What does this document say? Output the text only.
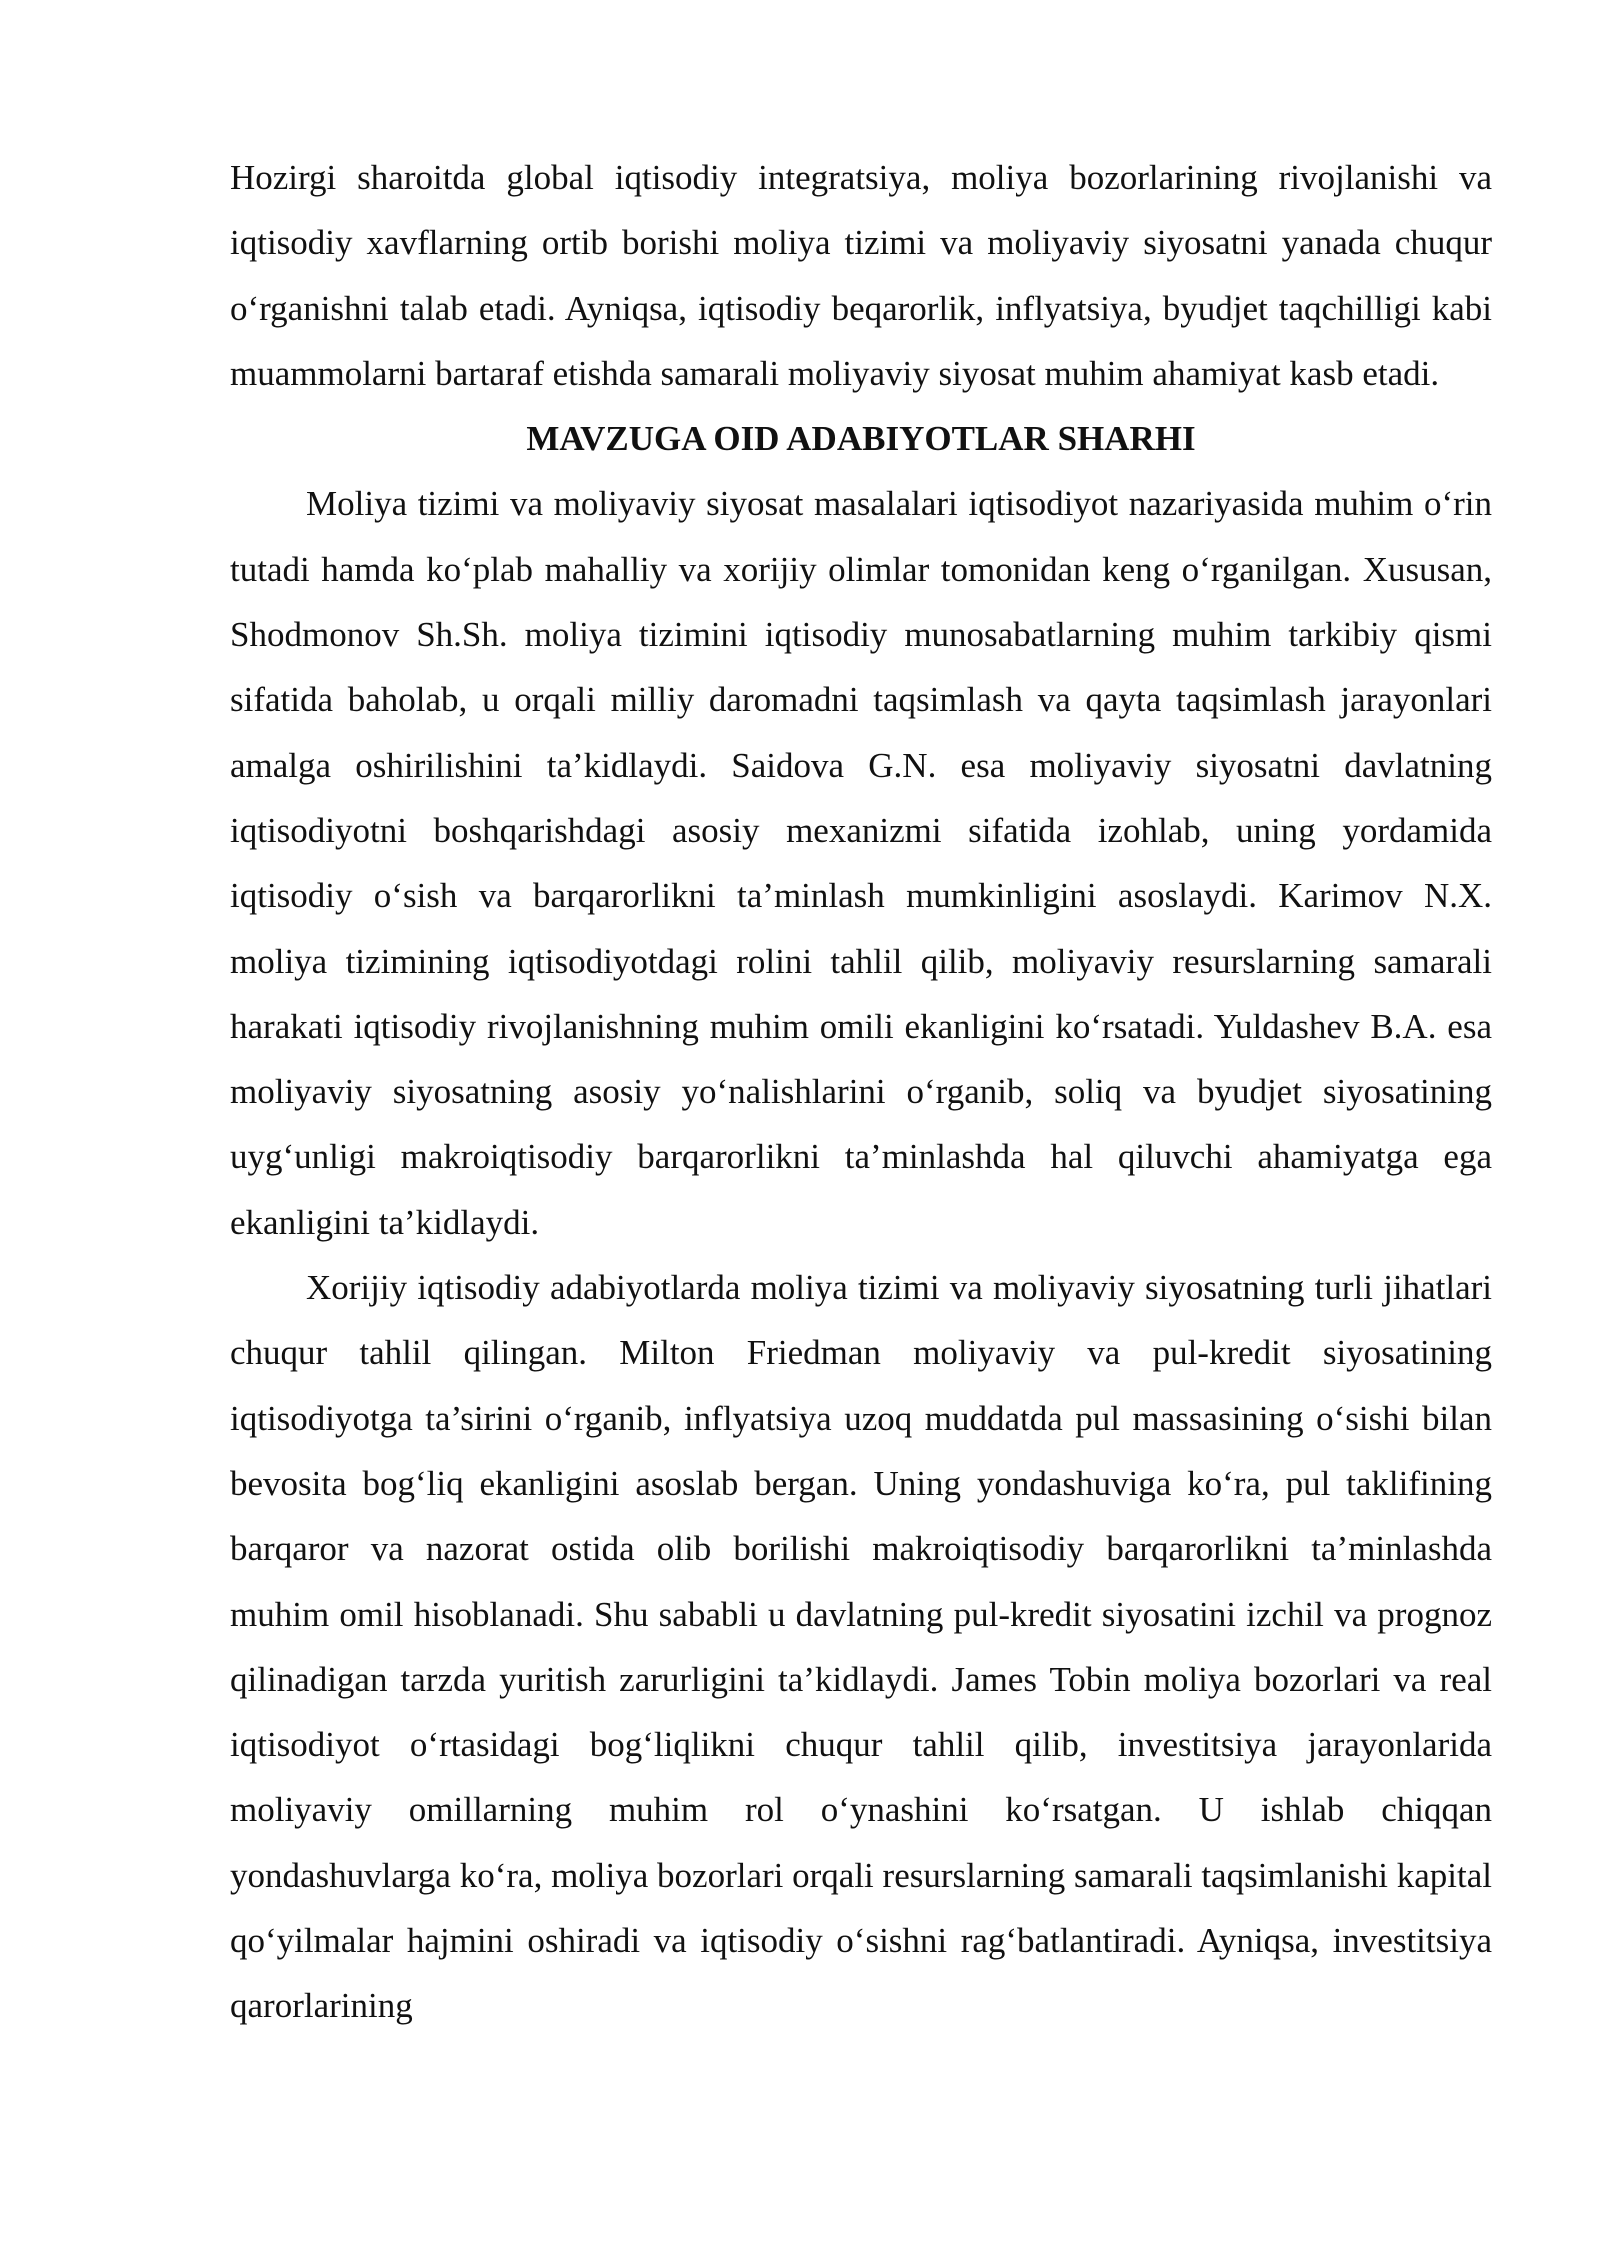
Hozirgi sharoitda global iqtisodiy integratsiya, moliya bozorlarining rivojlanishi va iqtisodiy xavflarning ortib borishi moliya tizimi va moliyaviy siyosatni yanada chuqur oʻrganishni talab etadi. Ayniqsa, iqtisodiy beqarorlik, inflyatsiya, byudjet taqchilligi kabi muammolarni bartaraf etishda samarali moliyaviy siyosat muhim ahamiyat kasb etadi.

MAVZUGA OID ADABIYOTLAR SHARHI

Moliya tizimi va moliyaviy siyosat masalalari iqtisodiyot nazariyasida muhim oʻrin tutadi hamda koʻplab mahalliy va xorijiy olimlar tomonidan keng oʻrganilgan. Xususan, Shodmonov Sh.Sh. moliya tizimini iqtisodiy munosabatlarning muhim tarkibiy qismi sifatida baholab, u orqali milliy daromadni taqsimlash va qayta taqsimlash jarayonlari amalga oshirilishini ta’kidlaydi. Saidova G.N. esa moliyaviy siyosatni davlatning iqtisodiyotni boshqarishdagi asosiy mexanizmi sifatida izohlab, uning yordamida iqtisodiy oʻsish va barqarorlikni ta’minlash mumkinligini asoslaydi. Karimov N.X. moliya tizimining iqtisodiyotdagi rolini tahlil qilib, moliyaviy resurslarning samarali harakati iqtisodiy rivojlanishning muhim omili ekanligini koʻrsatadi. Yuldashev B.A. esa moliyaviy siyosatning asosiy yoʻnalishlarini oʻrganib, soliq va byudjet siyosatining uygʻunligi makroiqtisodiy barqarorlikni ta’minlashda hal qiluvchi ahamiyatga ega ekanligini ta’kidlaydi.

Xorijiy iqtisodiy adabiyotlarda moliya tizimi va moliyaviy siyosatning turli jihatlari chuqur tahlil qilingan. Milton Friedman moliyaviy va pul-kredit siyosatining iqtisodiyotga ta’sirini oʻrganib, inflyatsiya uzoq muddatda pul massasining oʻsishi bilan bevosita bogʻliq ekanligini asoslab bergan. Uning yondashuviga koʻra, pul taklifining barqaror va nazorat ostida olib borilishi makroiqtisodiy barqarorlikni ta’minlashda muhim omil hisoblanadi. Shu sababli u davlatning pul-kredit siyosatini izchil va prognoz qilinadigan tarzda yuritish zarurligini ta’kidlaydi. James Tobin moliya bozorlari va real iqtisodiyot oʻrtasidagi bogʻliqlikni chuqur tahlil qilib, investitsiya jarayonlarida moliyaviy omillarning muhim rol oʻynashini koʻrsatgan. U ishlab chiqqan yondashuvlarga koʻra, moliya bozorlari orqali resurslarning samarali taqsimlanishi kapital qoʻyilmalar hajmini oshiradi va iqtisodiy oʻsishni ragʻbatlantiradi. Ayniqsa, investitsiya qarorlarining
